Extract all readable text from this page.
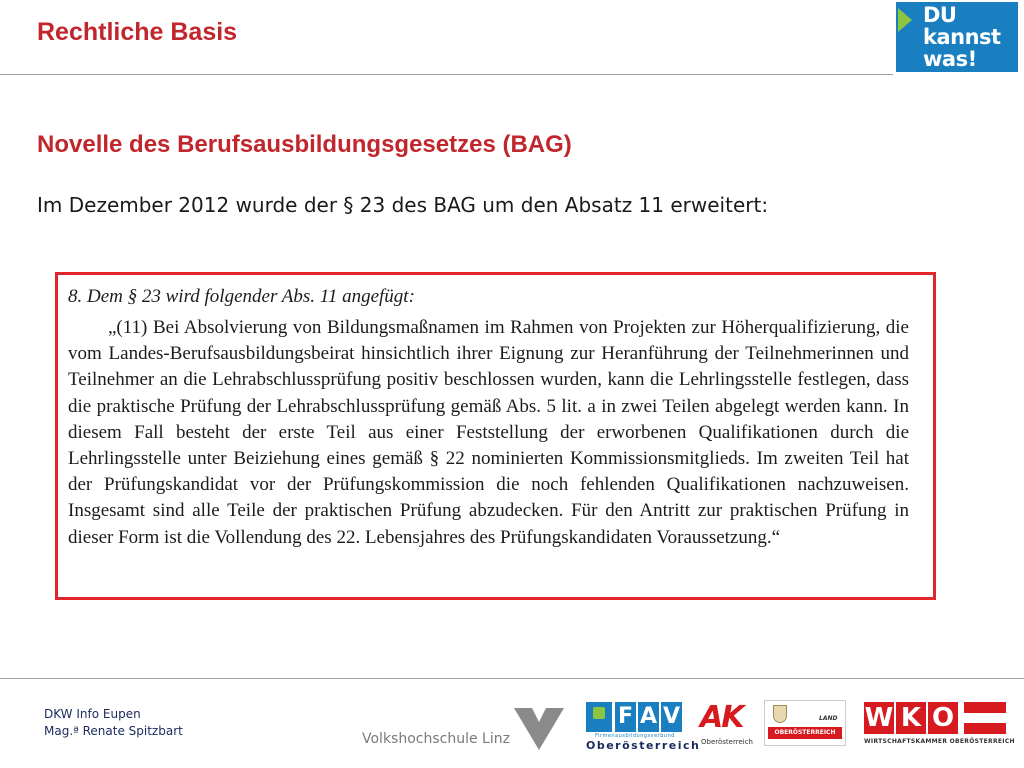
Rechtliche Basis
DU
kannst
was!
Novelle des Berufsausbildungsgesetzes (BAG)
Im Dezember 2012 wurde der § 23 des BAG um den Absatz 11 erweitert:
8. Dem § 23 wird folgender Abs. 11 angefügt:
„(11) Bei Absolvierung von Bildungsmaßnamen im Rahmen von Projekten zur Höherqualifizierung, die vom Landes-Berufsausbildungsbeirat hinsichtlich ihrer Eignung zur Heranführung der Teilnehmerinnen und Teilnehmer an die Lehrabschlussprüfung positiv beschlossen wurden, kann die Lehrlingsstelle festlegen, dass die praktische Prüfung der Lehrabschlussprüfung gemäß Abs. 5 lit. a in zwei Teilen abgelegt werden kann. In diesem Fall besteht der erste Teil aus einer Feststellung der erworbenen Qualifikationen durch die Lehrlingsstelle unter Beiziehung eines gemäß § 22 nominierten Kommissionsmitglieds. Im zweiten Teil hat der Prüfungskandidat vor der Prüfungskommission die noch fehlenden Qualifikationen nachzuweisen. Insgesamt sind alle Teile der praktischen Prüfung abzudecken. Für den Antritt zur praktischen Prüfung in dieser Form ist die Vollendung des 22. Lebensjahres des Prüfungskandidaten Voraussetzung.“
DKW Info Eupen
Mag.ª Renate Spitzbart	Volkshochschule Linz
F A V
Firmenausbildungsverbund
Oberösterreich
AK
Oberösterreich
LAND
OBERÖSTERREICH W K O
WIRTSCHAFTSKAMMER OBERÖSTERREICH
